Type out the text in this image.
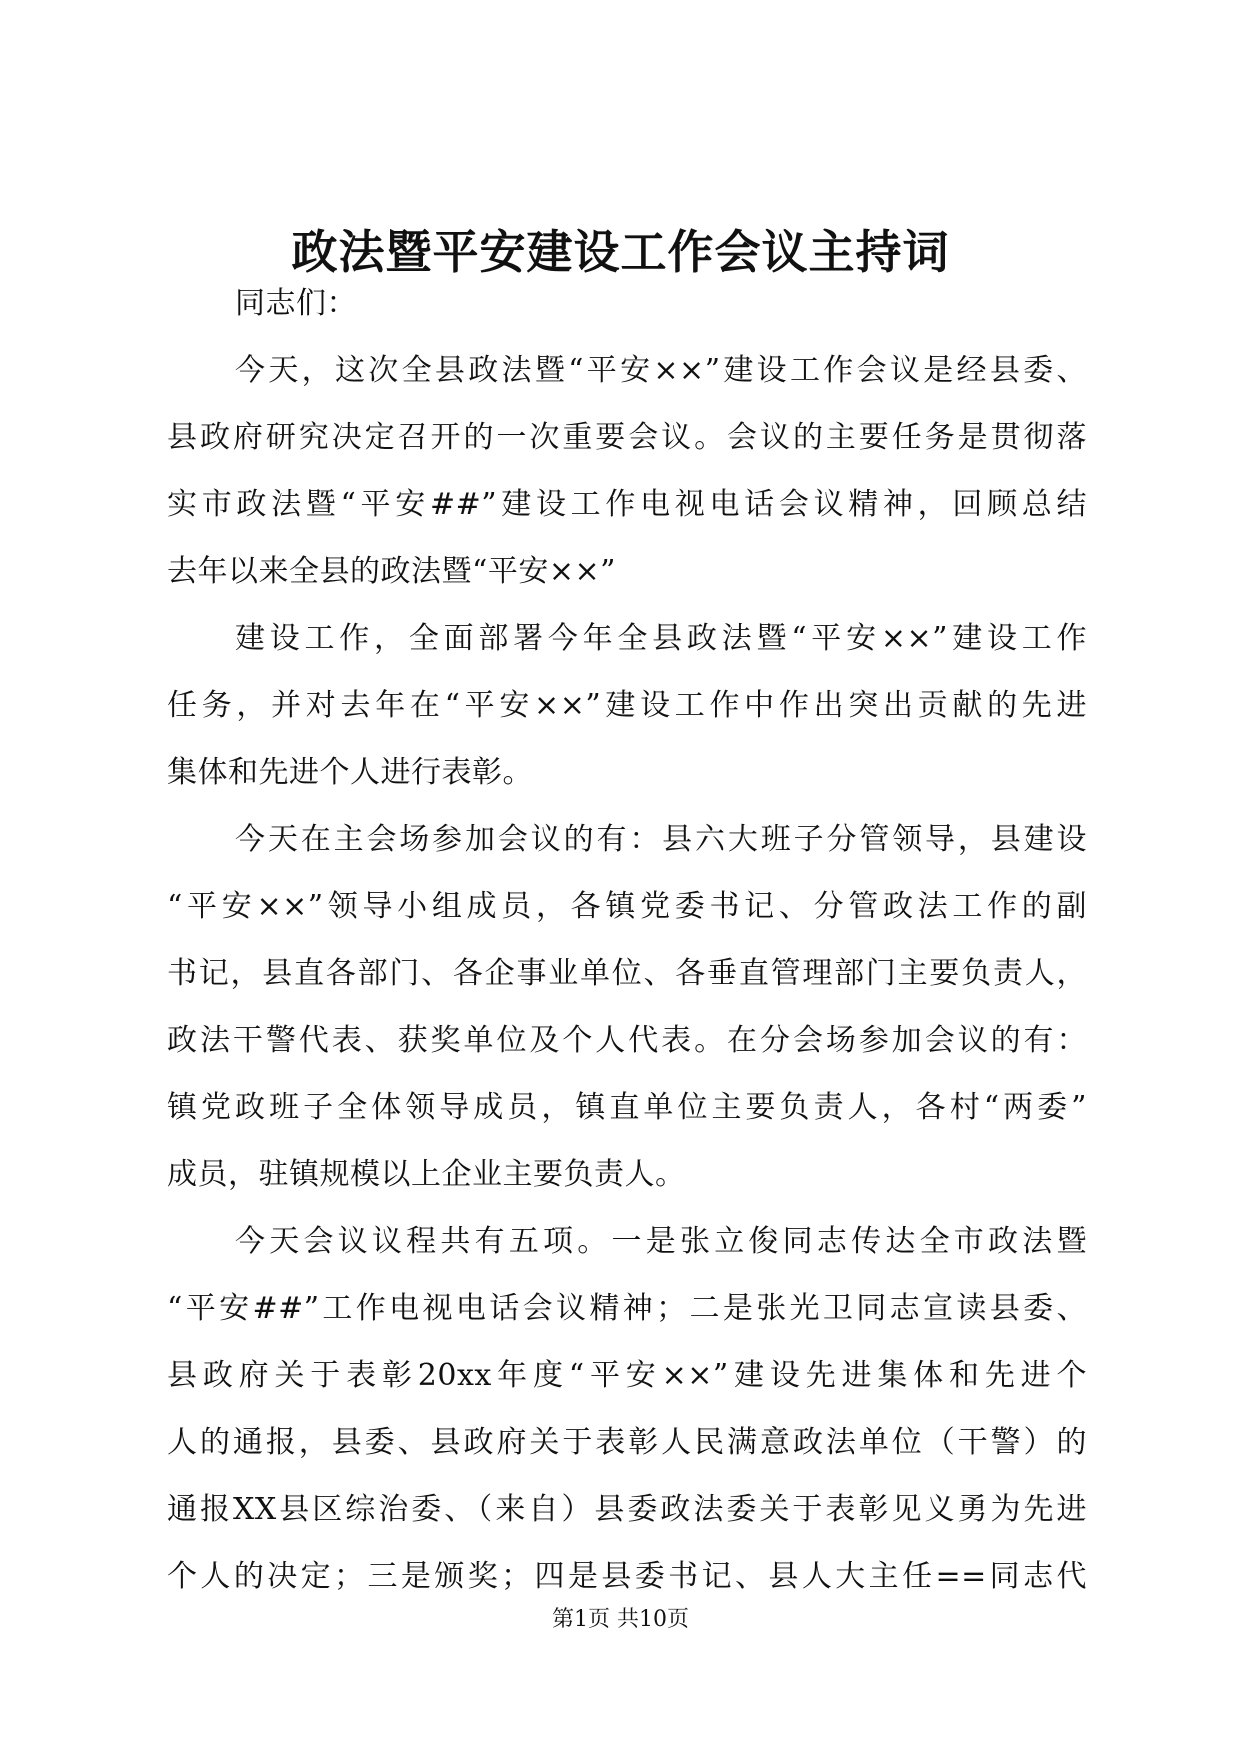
政法暨平安建设工作会议主持词
同志们：
今天，这次全县政法暨“平安××”建设工作会议是经县委、
县政府研究决定召开的一次重要会议。会议的主要任务是贯彻落
实市政法暨“平安##”建设工作电视电话会议精神，回顾总结
去年以来全县的政法暨“平安××”
建设工作，全面部署今年全县政法暨“平安××”建设工作
任务，并对去年在“平安××”建设工作中作出突出贡献的先进
集体和先进个人进行表彰。
今天在主会场参加会议的有：县六大班子分管领导，县建设
“平安××”领导小组成员，各镇党委书记、分管政法工作的副
书记，县直各部门、各企事业单位、各垂直管理部门主要负责人，
政法干警代表、获奖单位及个人代表。在分会场参加会议的有：
镇党政班子全体领导成员，镇直单位主要负责人，各村“两委”
成员，驻镇规模以上企业主要负责人。
今天会议议程共有五项。一是张立俊同志传达全市政法暨
“平安##”工作电视电话会议精神；二是张光卫同志宣读县委、
县政府关于表彰20xx年度“平安××”建设先进集体和先进个
人的通报，县委、县政府关于表彰人民满意政法单位（干警）的
通报XX县区综治委、（来自）县委政法委关于表彰见义勇为先进
个人的决定；三是颁奖；四是县委书记、县人大主任==同志代
第1页 共10页
